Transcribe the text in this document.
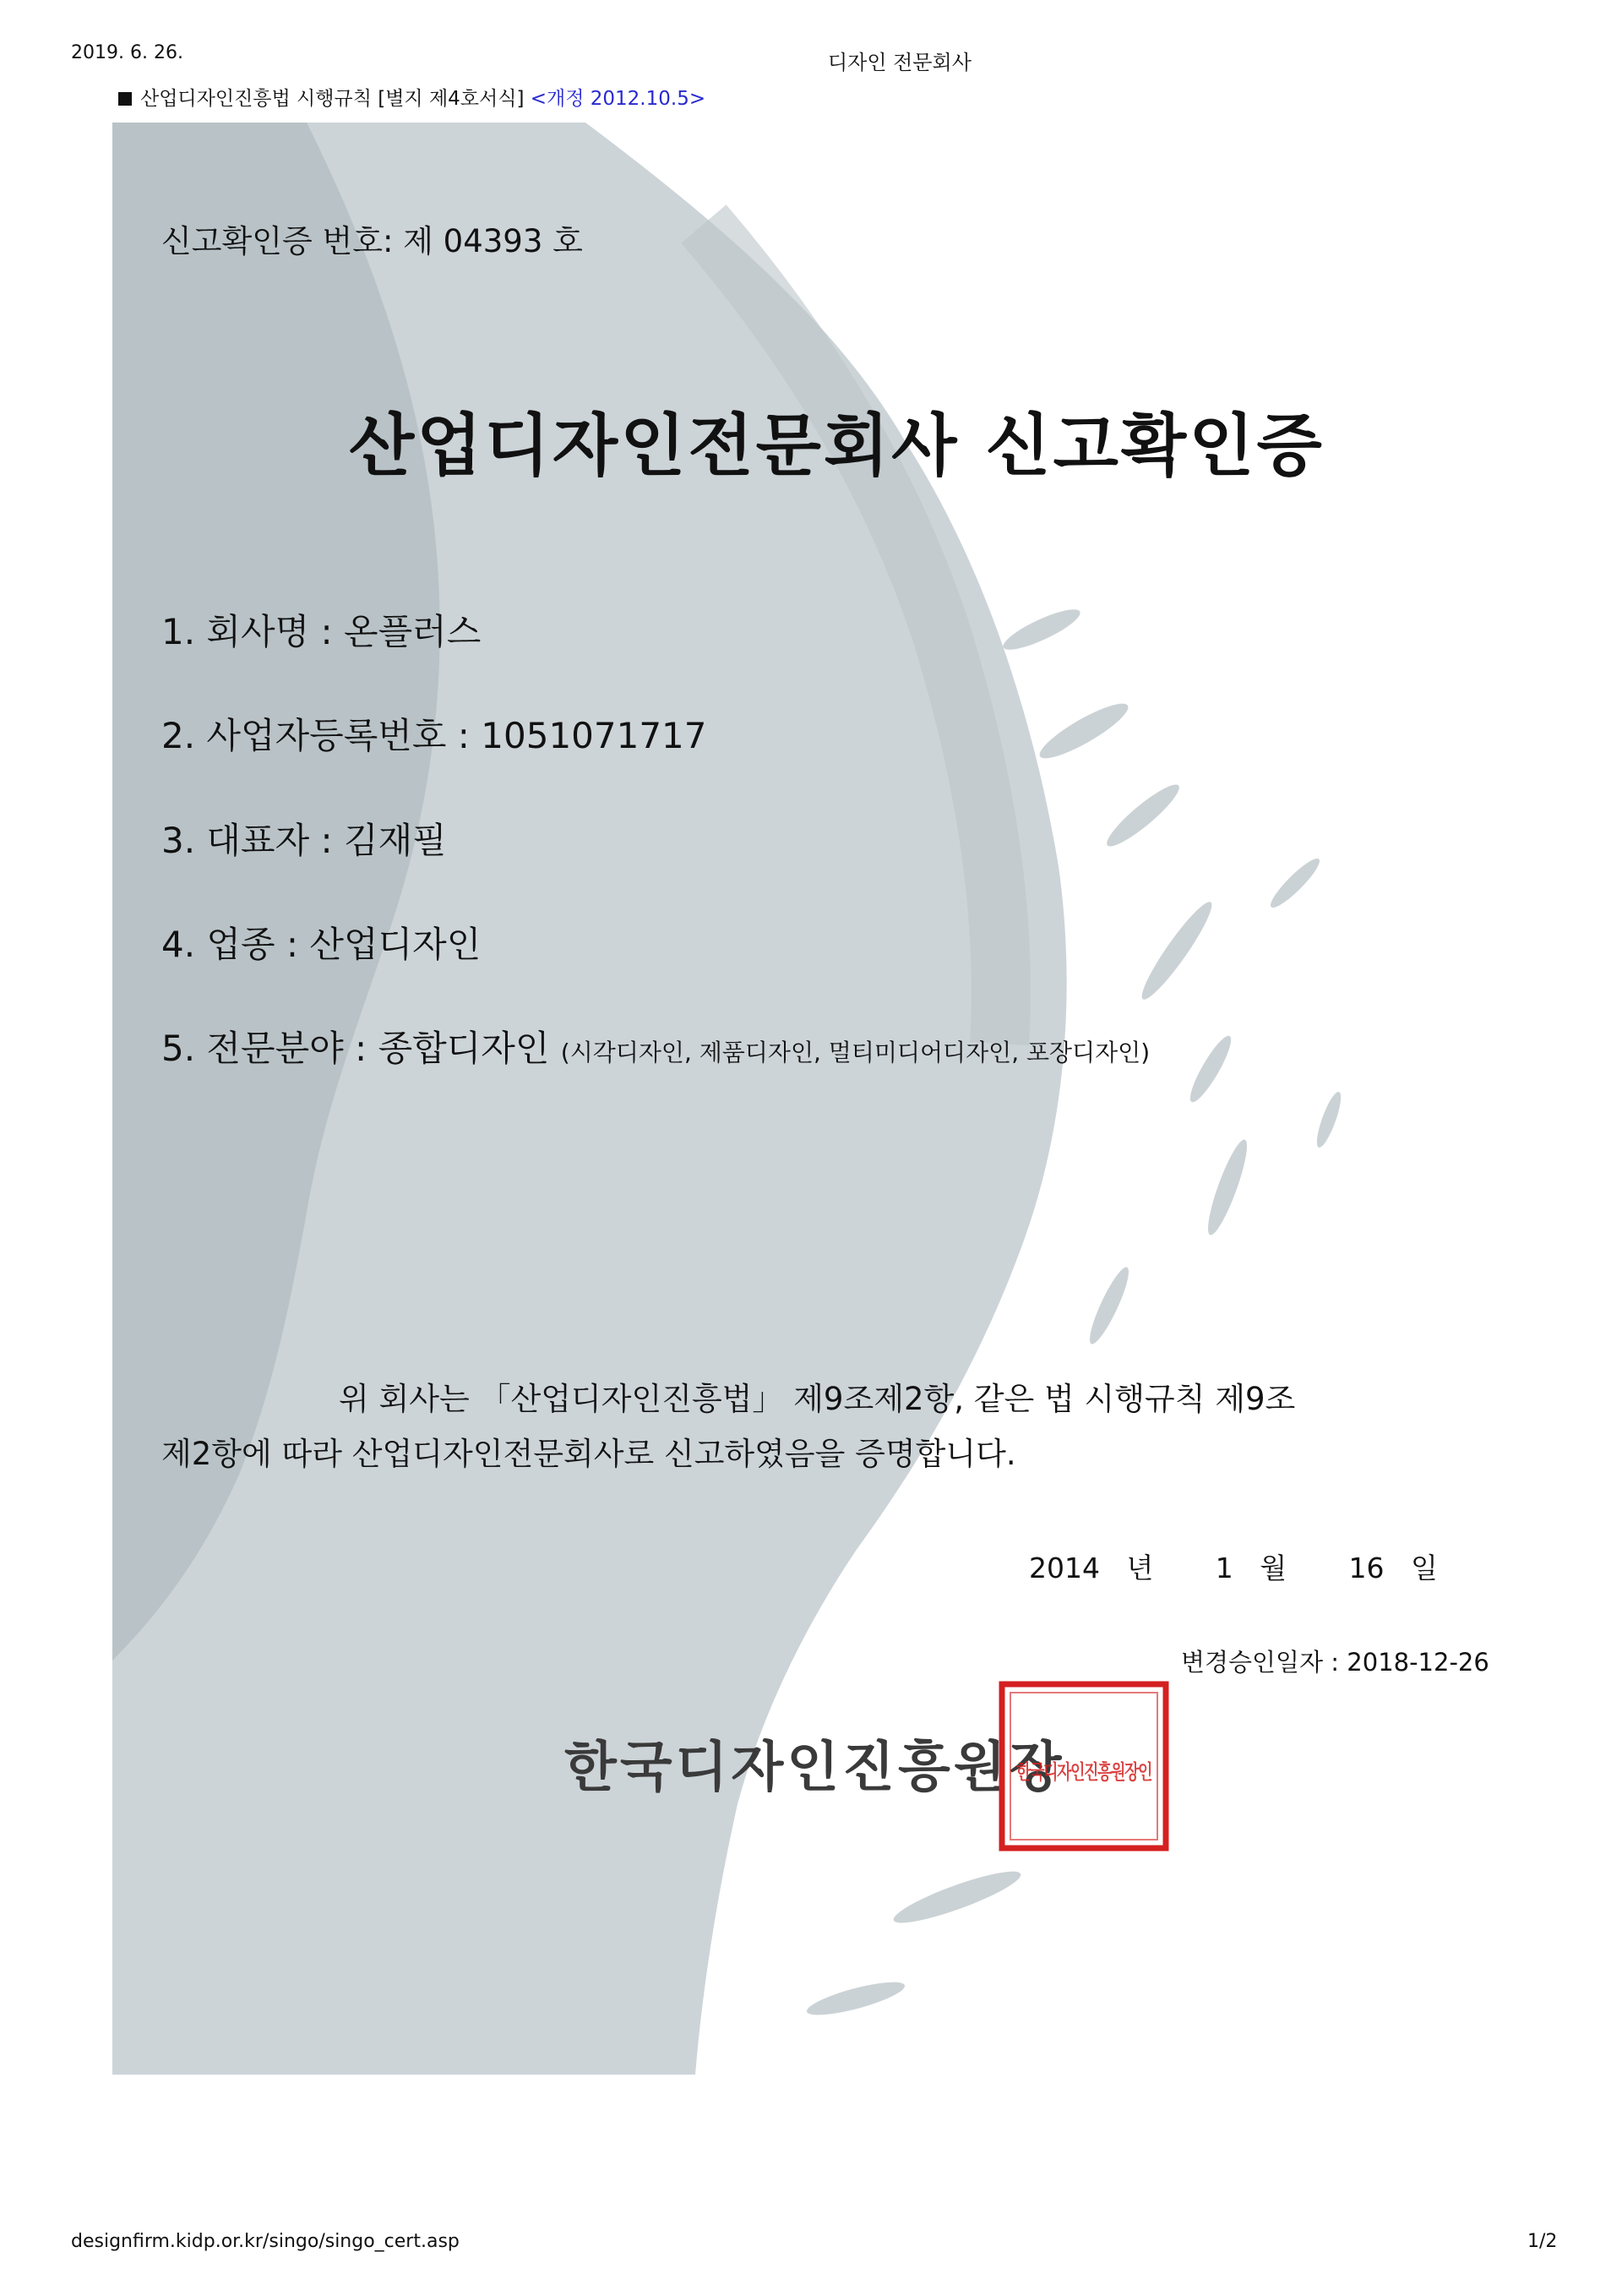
2019. 6. 26.	디자인 전문회사
산업디자인진흥법 시행규칙 [별지 제4호서식] <개정 2012.10.5>
신고확인증 번호: 제 04393 호
산업디자인전문회사 신고확인증
1. 회사명 : 온플러스
2. 사업자등록번호 : 1051071717
3. 대표자 : 김재필
4. 업종 : 산업디자인
5. 전문분야 : 종합디자인 (시각디자인, 제품디자인, 멀티미디어디자인, 포장디자인)
위 회사는 「산업디자인진흥법」 제9조제2항, 같은 법 시행규칙 제9조
제2항에 따라 산업디자인전문회사로 신고하였음을 증명합니다.
2014   년       1   월       16   일
변경승인일자 : 2018-12-26
한국디자인진흥원장
한국디자인진흥원장인
designfirm.kidp.or.kr/singo/singo_cert.asp	1/2
